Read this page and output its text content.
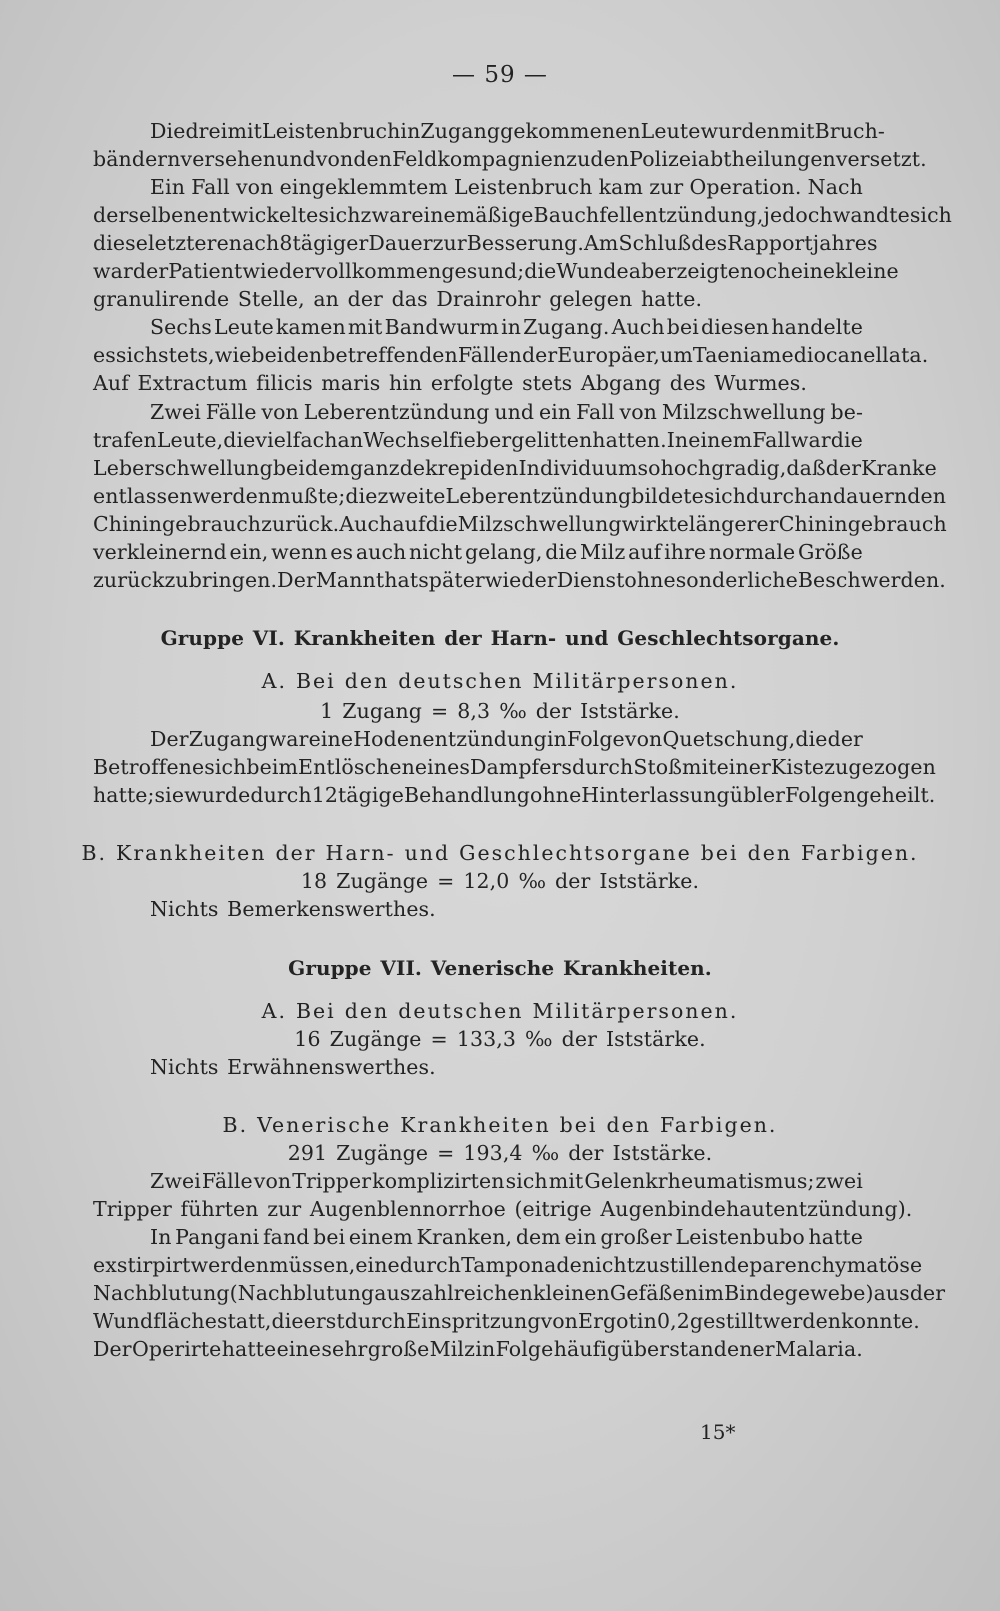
— 59 —
Die drei mit Leistenbruch in Zugang gekommenen Leute wurden mit Bruch-
bändern versehen und von den Feldkompagnien zu den Polizeiabtheilungen versetzt.
Ein Fall von eingeklemmtem Leistenbruch kam zur Operation. Nach
derselben entwickelte sich zwar eine mäßige Bauchfellentzündung, jedoch wandte sich
diese letztere nach 8tägiger Dauer zur Besserung. Am Schluß des Rapportjahres
war der Patient wieder vollkommen gesund; die Wunde aber zeigte noch eine kleine
granulirende Stelle, an der das Drainrohr gelegen hatte.
Sechs Leute kamen mit Bandwurm in Zugang. Auch bei diesen handelte
es sich stets, wie bei den betreffenden Fällen der Europäer, um Taenia mediocanellata.
Auf Extractum filicis maris hin erfolgte stets Abgang des Wurmes.
Zwei Fälle von Leberentzündung und ein Fall von Milzschwellung be-
trafen Leute, die vielfach an Wechselfieber gelitten hatten. In einem Fall war die
Leberschwellung bei dem ganz dekrepiden Individuum so hochgradig, daß der Kranke
entlassen werden mußte; die zweite Leberentzündung bildete sich durch andauernden
Chiningebrauch zurück. Auch auf die Milzschwellung wirkte längerer Chiningebrauch
verkleinernd ein, wenn es auch nicht gelang, die Milz auf ihre normale Größe
zurückzubringen. Der Mann that später wieder Dienst ohne sonderliche Beschwerden.
Gruppe VI. Krankheiten der Harn- und Geschlechtsorgane.
A. Bei den deutschen Militärpersonen.
1 Zugang = 8,3 ‰ der Iststärke.
Der Zugang war eine Hodenentzündung in Folge von Quetschung, die der
Betroffene sich beim Entlöschen eines Dampfers durch Stoß mit einer Kiste zugezogen
hatte; sie wurde durch 12tägige Behandlung ohne Hinterlassung übler Folgen geheilt.
B. Krankheiten der Harn- und Geschlechtsorgane bei den Farbigen.
18 Zugänge = 12,0 ‰ der Iststärke.
Nichts Bemerkenswerthes.
Gruppe VII. Venerische Krankheiten.
A. Bei den deutschen Militärpersonen.
16 Zugänge = 133,3 ‰ der Iststärke.
Nichts Erwähnenswerthes.
B. Venerische Krankheiten bei den Farbigen.
291 Zugänge = 193,4 ‰ der Iststärke.
Zwei Fälle von Tripper komplizirten sich mit Gelenkrheumatismus; zwei
Tripper führten zur Augenblennorrhoe (eitrige Augenbindehautentzündung).
In Pangani fand bei einem Kranken, dem ein großer Leistenbubo hatte
exstirpirt werden müssen, eine durch Tamponade nicht zu stillende parenchymatöse
Nachblutung (Nachblutung aus zahlreichen kleinen Gefäßen im Bindegewebe) aus der
Wundfläche statt, die erst durch Einspritzung von Ergotin 0,2 gestillt werden konnte.
Der Operirte hatte eine sehr große Milz in Folge häufig überstandener Malaria.
15*
